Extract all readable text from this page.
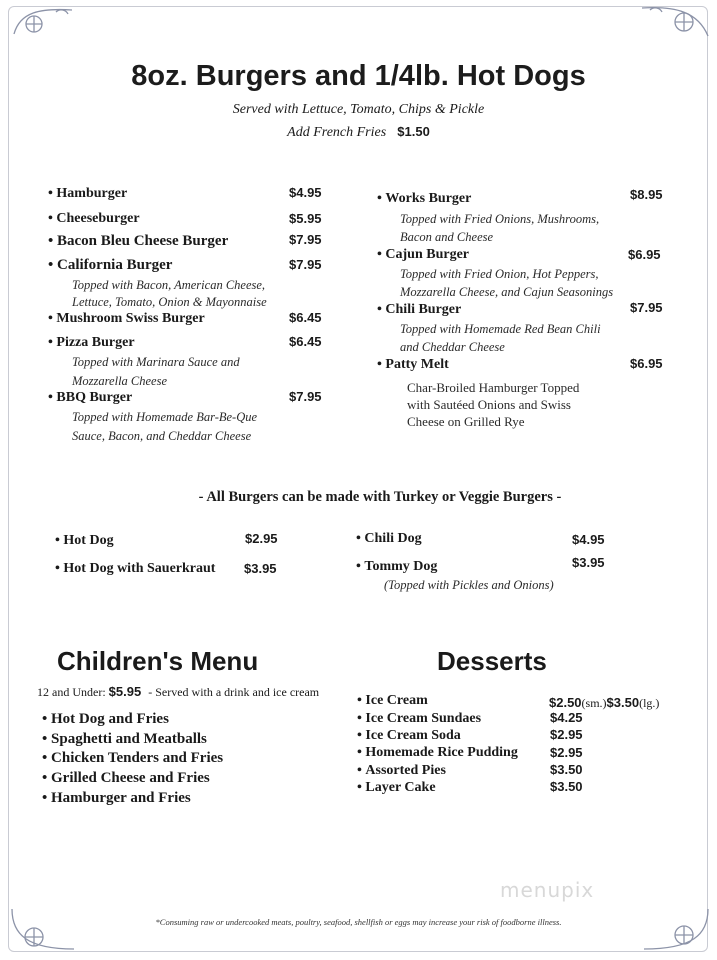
8oz. Burgers and 1/4lb. Hot Dogs
Served with Lettuce, Tomato, Chips & Pickle
Add French Fries $1.50
• Hamburger	$4.95
• Cheeseburger	$5.95
• Bacon Bleu Cheese Burger	$7.95
• California Burger	$7.95
Topped with Bacon, American Cheese,
Lettuce, Tomato, Onion & Mayonnaise
• Mushroom Swiss Burger	$6.45
• Pizza Burger	$6.45
Topped with Marinara Sauce and
Mozzarella Cheese
• BBQ Burger	$7.95
Topped with Homemade Bar-Be-Que
Sauce, Bacon, and Cheddar Cheese
• Works Burger	$8.95
Topped with Fried Onions, Mushrooms,
Bacon and Cheese
• Cajun Burger	$6.95
Topped with Fried Onion, Hot Peppers,
Mozzarella Cheese, and Cajun Seasonings
• Chili Burger	$7.95
Topped with Homemade Red Bean Chili
and Cheddar Cheese
• Patty Melt	$6.95
Char-Broiled Hamburger Topped
with Sautéed Onions and Swiss
Cheese on Grilled Rye
- All Burgers can be made with Turkey or Veggie Burgers -
• Hot Dog	$2.95
• Hot Dog with Sauerkraut $3.95
• Chili Dog	$4.95
• Tommy Dog	$3.95
(Topped with Pickles and Onions)
Children's Menu
12 and Under: $5.95 - Served with a drink and ice cream
• Hot Dog and Fries
• Spaghetti and Meatballs
• Chicken Tenders and Fries
• Grilled Cheese and Fries
• Hamburger and Fries
Desserts
• Ice Cream	$2.50(sm.)$3.50(lg.)
• Ice Cream Sundaes	$4.25
• Ice Cream Soda	$2.95
• Homemade Rice Pudding $2.95
• Assorted Pies	$3.50
• Layer Cake	$3.50
menupix
*Consuming raw or undercooked meats, poultry, seafood, shellfish or eggs may increase your risk of foodborne illness.
